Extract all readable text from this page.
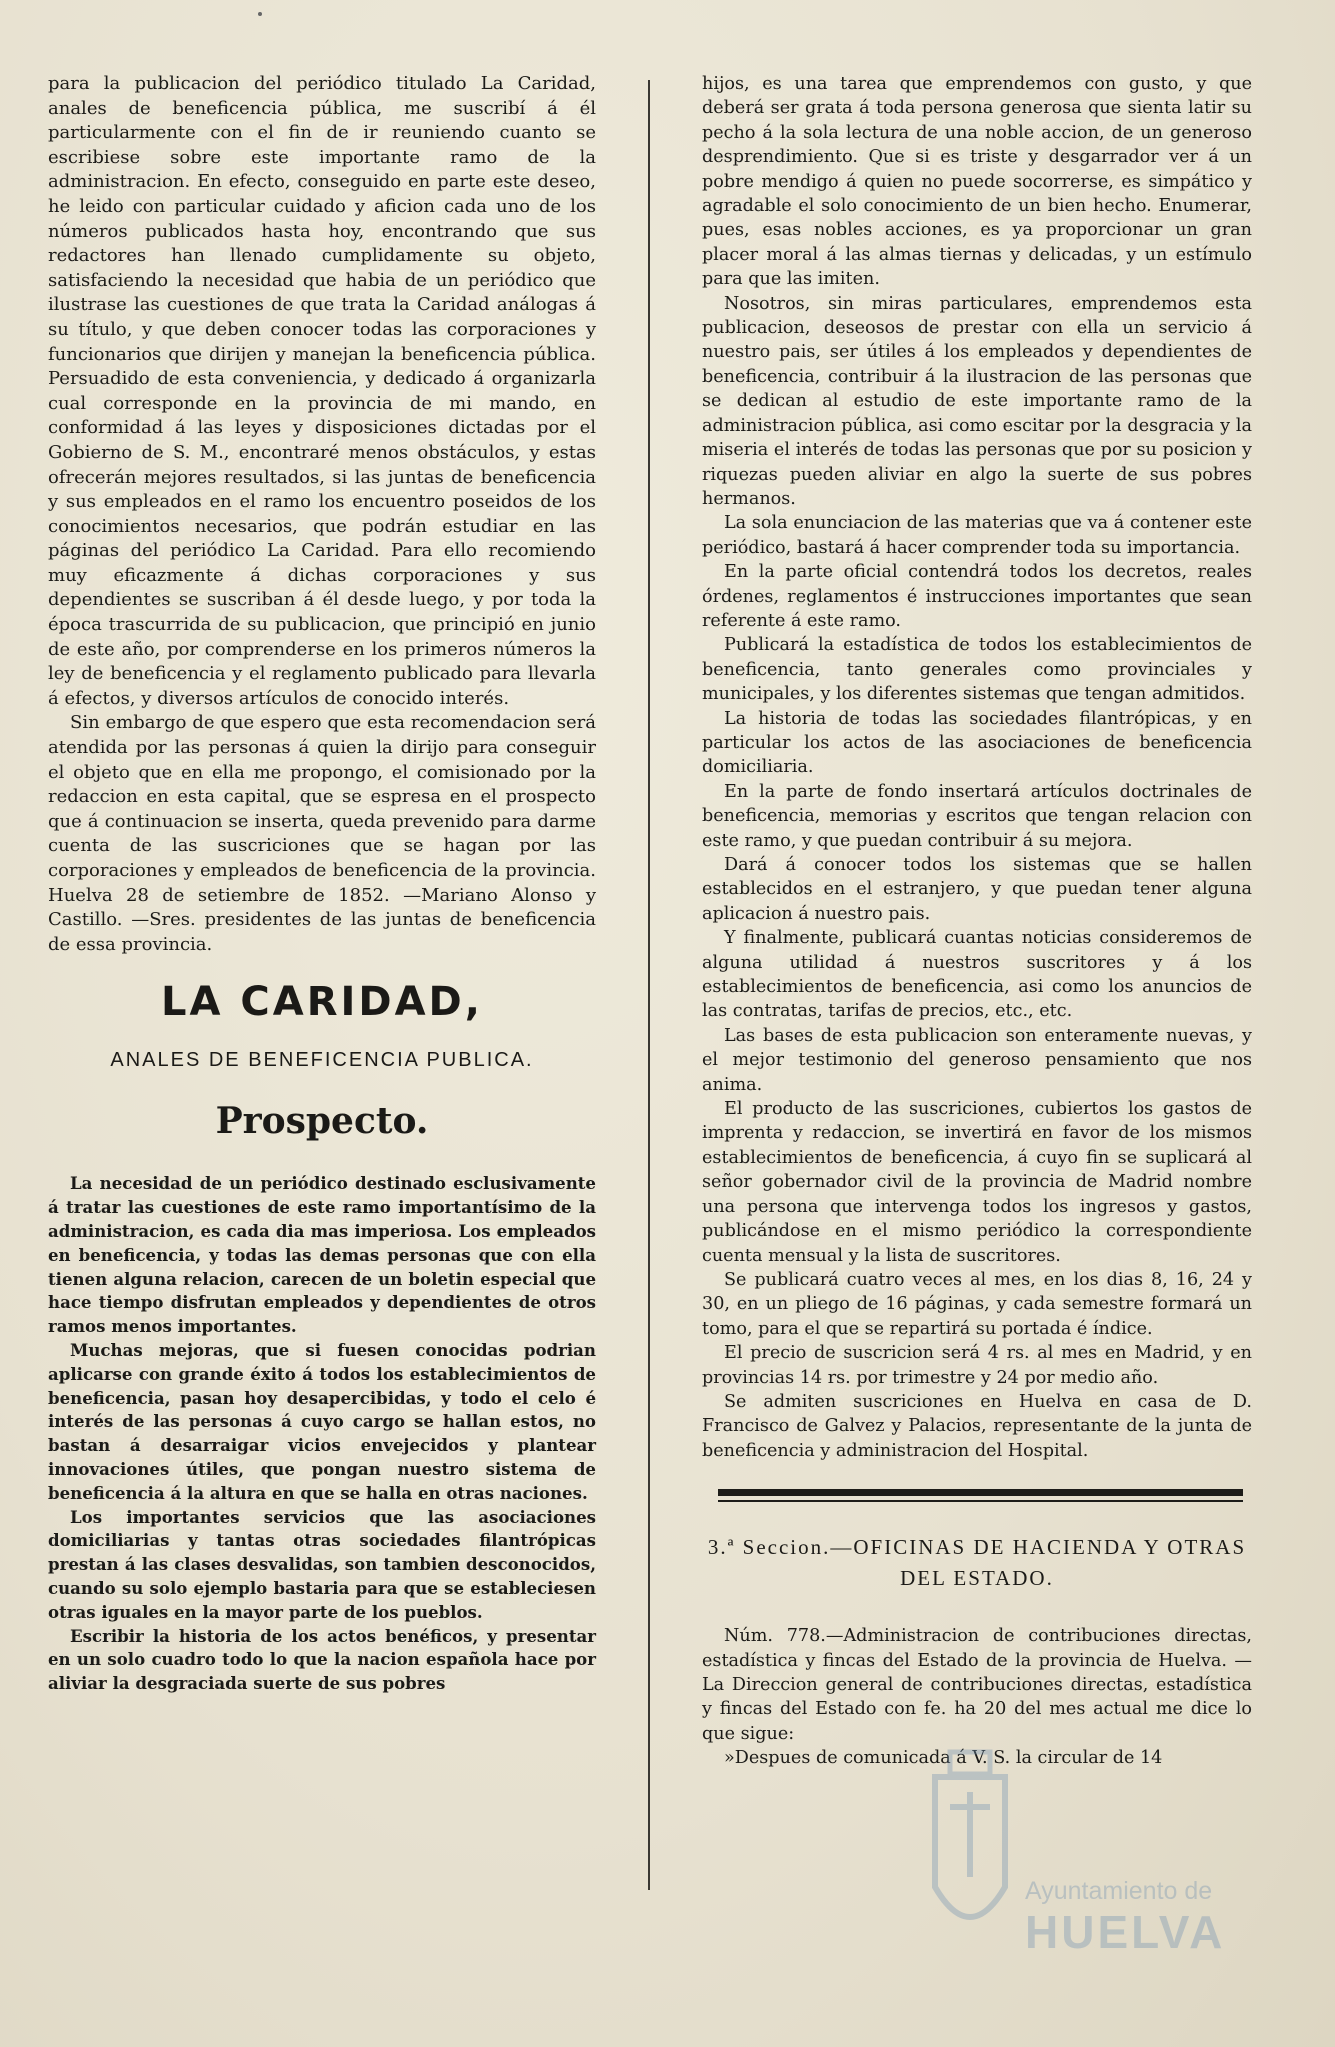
para la publicacion del periódico titulado La Caridad, anales de beneficencia pública, me suscribí á él particularmente con el fin de ir reuniendo cuanto se escribiese sobre este importante ramo de la administracion. En efecto, conseguido en parte este deseo, he leido con particular cuidado y aficion cada uno de los números publicados hasta hoy, encontrando que sus redactores han llenado cumplidamente su objeto, satisfaciendo la necesidad que habia de un periódico que ilustrase las cuestiones de que trata la Caridad análogas á su título, y que deben conocer todas las corporaciones y funcionarios que dirijen y manejan la beneficencia pública. Persuadido de esta conveniencia, y dedicado á organizarla cual corresponde en la provincia de mi mando, en conformidad á las leyes y disposiciones dictadas por el Gobierno de S. M., encontraré menos obstáculos, y estas ofrecerán mejores resultados, si las juntas de beneficencia y sus empleados en el ramo los encuentro poseidos de los conocimientos necesarios, que podrán estudiar en las páginas del periódico La Caridad. Para ello recomiendo muy eficazmente á dichas corporaciones y sus dependientes se suscriban á él desde luego, y por toda la época trascurrida de su publicacion, que principió en junio de este año, por comprenderse en los primeros números la ley de beneficencia y el reglamento publicado para llevarla á efectos, y diversos artículos de conocido interés.

Sin embargo de que espero que esta recomendacion será atendida por las personas á quien la dirijo para conseguir el objeto que en ella me propongo, el comisionado por la redaccion en esta capital, que se espresa en el prospecto que á continuacion se inserta, queda prevenido para darme cuenta de las suscriciones que se hagan por las corporaciones y empleados de beneficencia de la provincia. Huelva 28 de setiembre de 1852. —Mariano Alonso y Castillo. —Sres. presidentes de las juntas de beneficencia de essa provincia.

LA CARIDAD,
ANALES DE BENEFICENCIA PUBLICA.
Prospecto.

La necesidad de un periódico destinado esclusivamente á tratar las cuestiones de este ramo importantísimo de la administracion, es cada dia mas imperiosa. Los empleados en beneficencia, y todas las demas personas que con ella tienen alguna relacion, carecen de un boletin especial que hace tiempo disfrutan empleados y dependientes de otros ramos menos importantes.

Muchas mejoras, que si fuesen conocidas podrian aplicarse con grande éxito á todos los establecimientos de beneficencia, pasan hoy desapercibidas, y todo el celo é interés de las personas á cuyo cargo se hallan estos, no bastan á desarraigar vicios envejecidos y plantear innovaciones útiles, que pongan nuestro sistema de beneficencia á la altura en que se halla en otras naciones.

Los importantes servicios que las asociaciones domiciliarias y tantas otras sociedades filantrópicas prestan á las clases desvalidas, son tambien desconocidos, cuando su solo ejemplo bastaria para que se estableciesen otras iguales en la mayor parte de los pueblos.

Escribir la historia de los actos benéficos, y presentar en un solo cuadro todo lo que la nacion española hace por aliviar la desgraciada suerte de sus pobres

hijos, es una tarea que emprendemos con gusto, y que deberá ser grata á toda persona generosa que sienta latir su pecho á la sola lectura de una noble accion, de un generoso desprendimiento. Que si es triste y desgarrador ver á un pobre mendigo á quien no puede socorrerse, es simpático y agradable el solo conocimiento de un bien hecho. Enumerar, pues, esas nobles acciones, es ya proporcionar un gran placer moral á las almas tiernas y delicadas, y un estímulo para que las imiten.

Nosotros, sin miras particulares, emprendemos esta publicacion, deseosos de prestar con ella un servicio á nuestro pais, ser útiles á los empleados y dependientes de beneficencia, contribuir á la ilustracion de las personas que se dedican al estudio de este importante ramo de la administracion pública, asi como escitar por la desgracia y la miseria el interés de todas las personas que por su posicion y riquezas pueden aliviar en algo la suerte de sus pobres hermanos.

La sola enunciacion de las materias que va á contener este periódico, bastará á hacer comprender toda su importancia.

En la parte oficial contendrá todos los decretos, reales órdenes, reglamentos é instrucciones importantes que sean referente á este ramo.

Publicará la estadística de todos los establecimientos de beneficencia, tanto generales como provinciales y municipales, y los diferentes sistemas que tengan admitidos.

La historia de todas las sociedades filantrópicas, y en particular los actos de las asociaciones de beneficencia domiciliaria.

En la parte de fondo insertará artículos doctrinales de beneficencia, memorias y escritos que tengan relacion con este ramo, y que puedan contribuir á su mejora.

Dará á conocer todos los sistemas que se hallen establecidos en el estranjero, y que puedan tener alguna aplicacion á nuestro pais.

Y finalmente, publicará cuantas noticias consideremos de alguna utilidad á nuestros suscritores y á los establecimientos de beneficencia, asi como los anuncios de las contratas, tarifas de precios, etc., etc.

Las bases de esta publicacion son enteramente nuevas, y el mejor testimonio del generoso pensamiento que nos anima.

El producto de las suscriciones, cubiertos los gastos de imprenta y redaccion, se invertirá en favor de los mismos establecimientos de beneficencia, á cuyo fin se suplicará al señor gobernador civil de la provincia de Madrid nombre una persona que intervenga todos los ingresos y gastos, publicándose en el mismo periódico la correspondiente cuenta mensual y la lista de suscritores.

Se publicará cuatro veces al mes, en los dias 8, 16, 24 y 30, en un pliego de 16 páginas, y cada semestre formará un tomo, para el que se repartirá su portada é índice.

El precio de suscricion será 4 rs. al mes en Madrid, y en provincias 14 rs. por trimestre y 24 por medio año.

Se admiten suscriciones en Huelva en casa de D. Francisco de Galvez y Palacios, representante de la junta de beneficencia y administracion del Hospital.

3.ª Seccion.—OFICINAS DE HACIENDA Y OTRAS DEL ESTADO.

Núm. 778.—Administracion de contribuciones directas, estadística y fincas del Estado de la provincia de Huelva. —La Direccion general de contribuciones directas, estadística y fincas del Estado con fe. ha 20 del mes actual me dice lo que sigue:

»Despues de comunicada á V. S. la circular de 14

Ayuntamiento de
HUELVA
